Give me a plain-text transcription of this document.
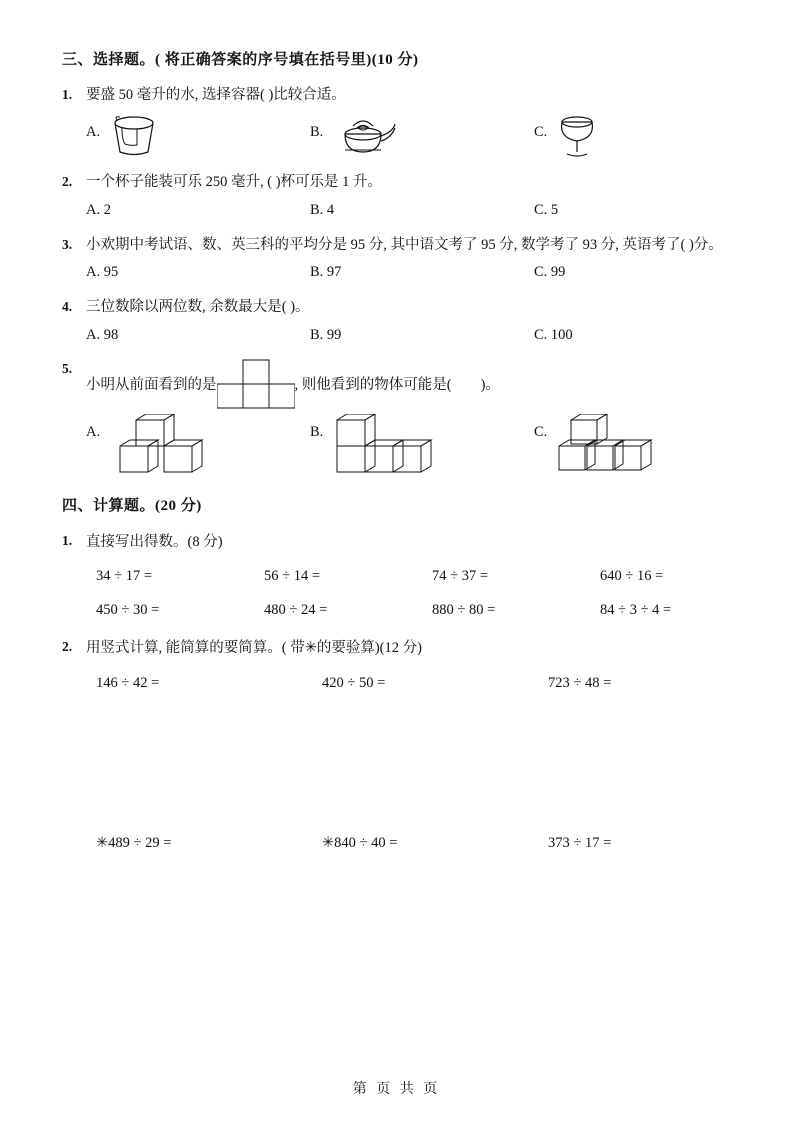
三、选择题。( 将正确答案的序号填在括号里)(10 分)
1. 要盛 50 毫升的水, 选择容器( )比较合适。
A.	B.	C.
2. 一个杯子能装可乐 250 毫升, ( )杯可乐是 1 升。
A. 2	B. 4	C. 5
3. 小欢期中考试语、数、英三科的平均分是 95 分, 其中语文考了 95 分, 数学考了 93 分, 英语考了( )分。
A. 95	B. 97	C. 99
4. 三位数除以两位数, 余数最大是( )。
A. 98	B. 99	C. 100
5.
小明从前面看到的是	, 则他看到的物体可能是(        )。
A.	B.	C.
四、计算题。(20 分)
1. 直接写出得数。(8 分)
34 ÷ 17 =	56 ÷ 14 =	74 ÷ 37 =	640 ÷ 16 =
450 ÷ 30 =	480 ÷ 24 =	880 ÷ 80 =	84 ÷ 3 ÷ 4 =
2. 用竖式计算, 能简算的要简算。( 带✳的要验算)(12 分)
146 ÷ 42 =	420 ÷ 50 =	723 ÷ 48 =
✳489 ÷ 29 =	✳840 ÷ 40 =	373 ÷ 17 =
第 页 共 页
